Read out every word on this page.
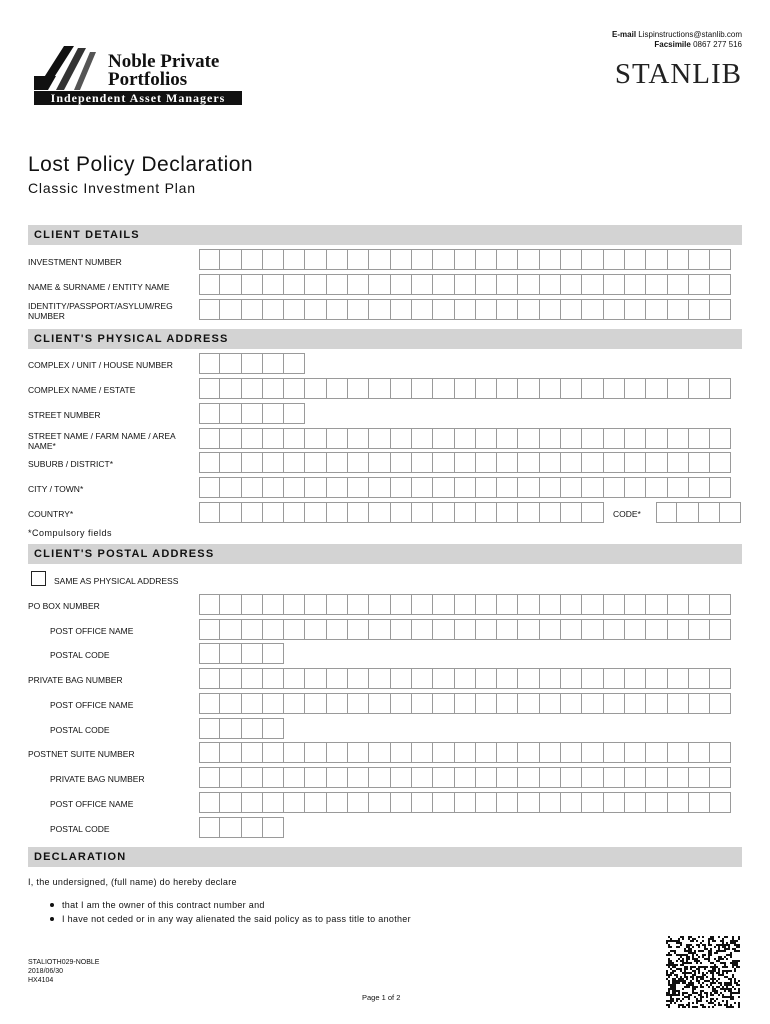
E-mail Lispinstructions@stanlib.com
Facsimile 0867 277 516
STANLIB
Noble Private
Portfolios
Independent Asset Managers
Lost Policy Declaration
Classic Investment Plan
CLIENT DETAILS
INVESTMENT NUMBER
NAME & SURNAME / ENTITY NAME
IDENTITY/PASSPORT/ASYLUM/REG NUMBER
CLIENT'S PHYSICAL ADDRESS
COMPLEX / UNIT / HOUSE NUMBER
COMPLEX NAME / ESTATE
STREET NUMBER
STREET NAME / FARM NAME / AREA NAME*
SUBURB / DISTRICT*
CITY / TOWN*
COUNTRY*	CODE*
*Compulsory fields
CLIENT'S POSTAL ADDRESS
SAME AS PHYSICAL ADDRESS
PO BOX NUMBER
POST OFFICE NAME
POSTAL CODE
PRIVATE BAG NUMBER
POST OFFICE NAME
POSTAL CODE
POSTNET SUITE NUMBER
PRIVATE BAG NUMBER
POST OFFICE NAME
POSTAL CODE
DECLARATION
I, the undersigned, (full name) do hereby declare
that I am the owner of this contract number and
I have not ceded or in any way alienated the said policy as to pass title to another
STALIOTH029-NOBLE
2018/06/30
HX4104
Page 1 of 2
